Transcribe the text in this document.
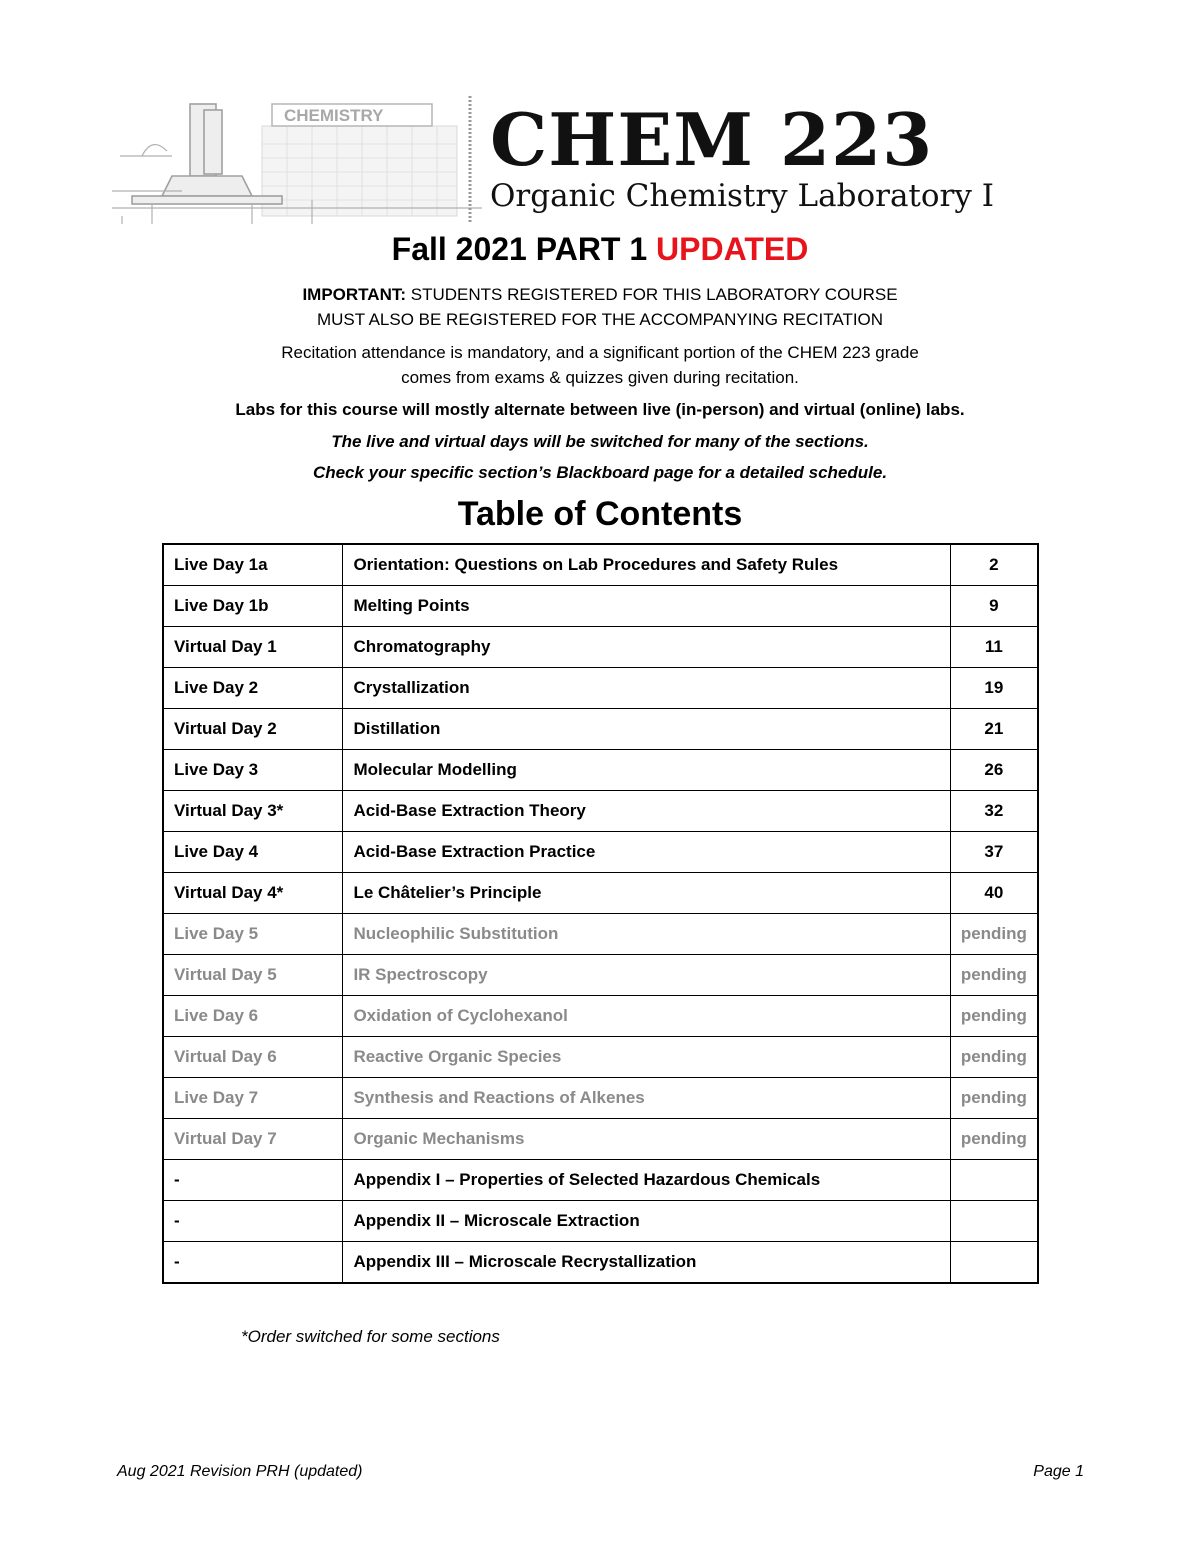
CHEMISTRY CHEM 223
Organic Chemistry Laboratory I
Fall 2021 PART 1 UPDATED
IMPORTANT: STUDENTS REGISTERED FOR THIS LABORATORY COURSE
MUST ALSO BE REGISTERED FOR THE ACCOMPANYING RECITATION
Recitation attendance is mandatory, and a significant portion of the CHEM 223 grade
comes from exams & quizzes given during recitation.
Labs for this course will mostly alternate between live (in-person) and virtual (online) labs.
The live and virtual days will be switched for many of the sections.
Check your specific section’s Blackboard page for a detailed schedule.
Table of Contents
Live Day 1a	Orientation: Questions on Lab Procedures and Safety Rules	2
Live Day 1b	Melting Points	9
Virtual Day 1	Chromatography	11
Live Day 2	Crystallization	19
Virtual Day 2	Distillation	21
Live Day 3	Molecular Modelling	26
Virtual Day 3*	Acid-Base Extraction Theory	32
Live Day 4	Acid-Base Extraction Practice	37
Virtual Day 4*	Le Châtelier’s Principle	40
Live Day 5	Nucleophilic Substitution	pending
Virtual Day 5	IR Spectroscopy	pending
Live Day 6	Oxidation of Cyclohexanol	pending
Virtual Day 6	Reactive Organic Species	pending
Live Day 7	Synthesis and Reactions of Alkenes	pending
Virtual Day 7	Organic Mechanisms	pending
-	Appendix I – Properties of Selected Hazardous Chemicals	
-	Appendix II – Microscale Extraction	
-	Appendix III – Microscale Recrystallization	
*Order switched for some sections
Aug 2021 Revision PRH (updated)	Page 1
